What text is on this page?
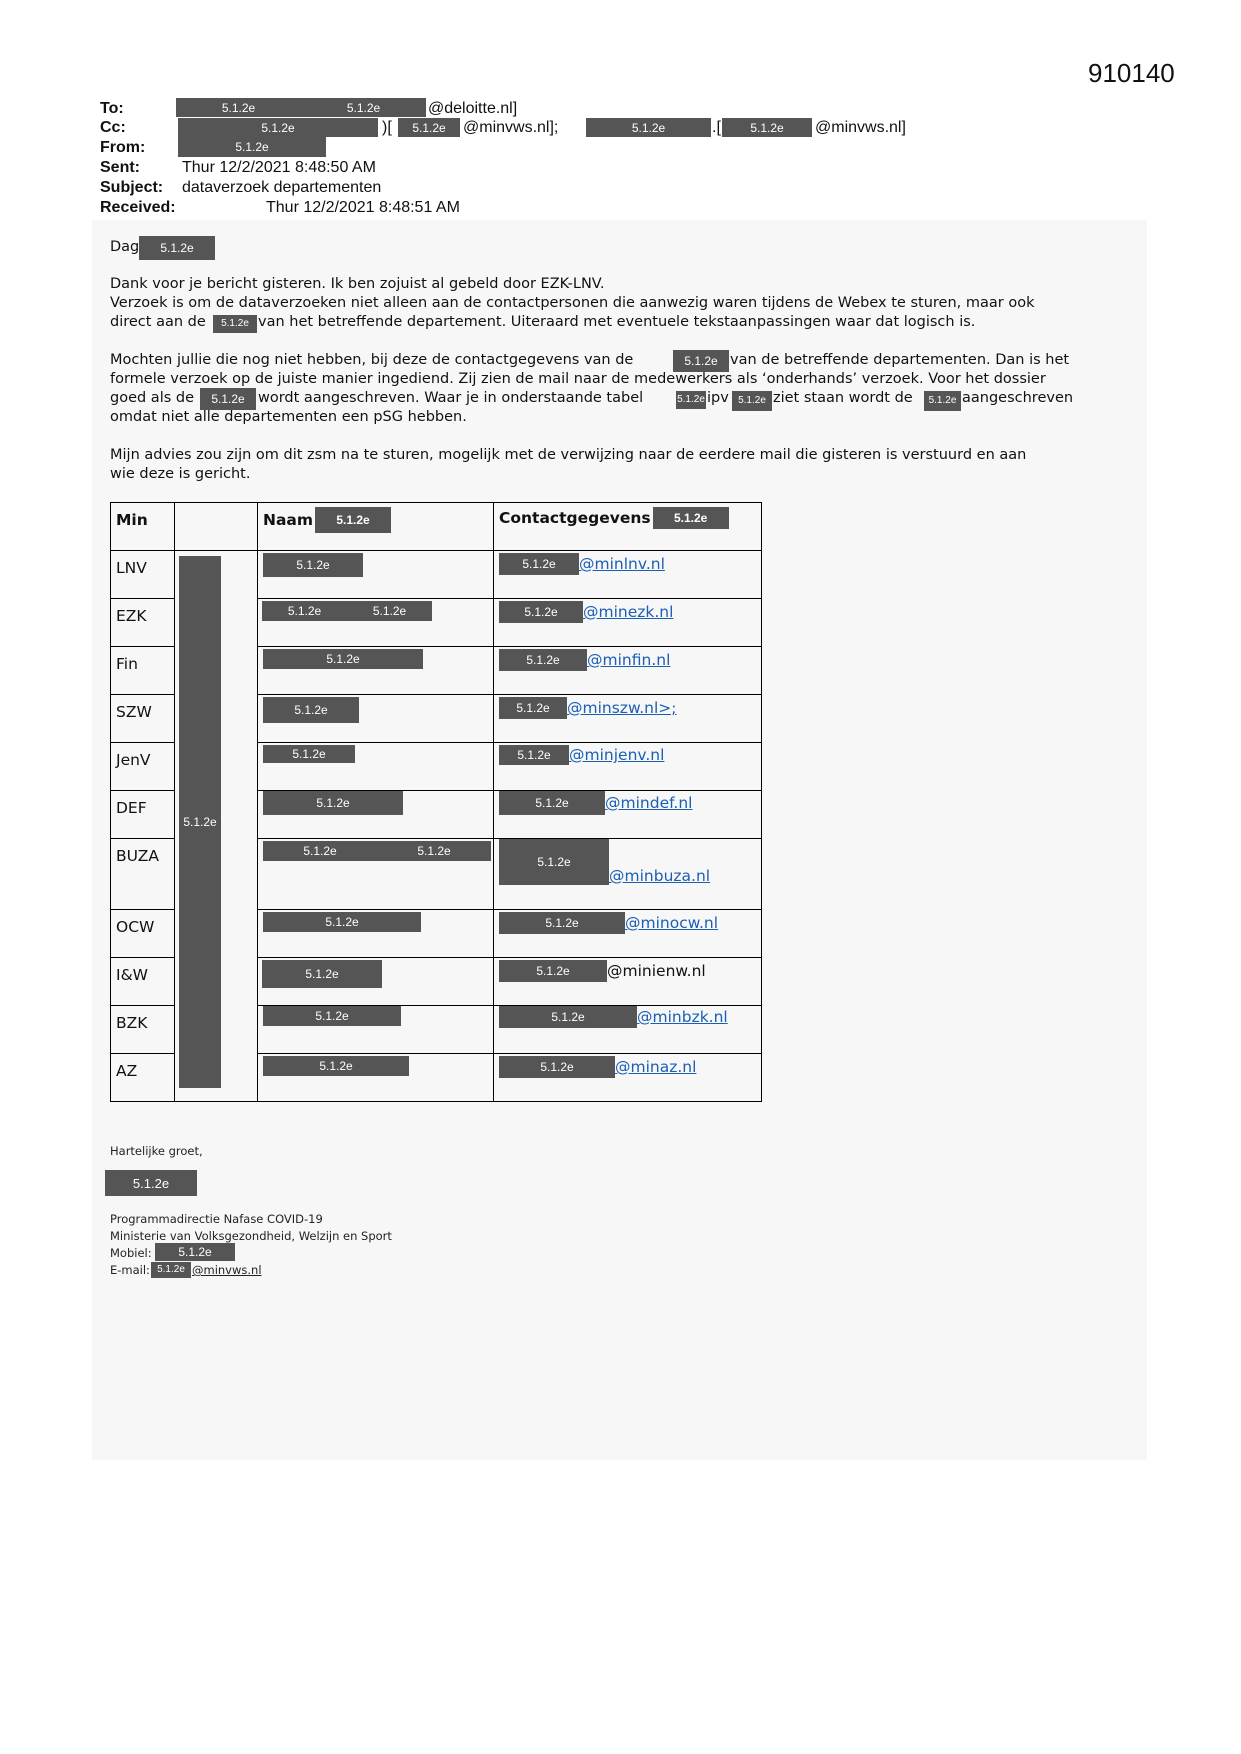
910140
To:	5.1.2e	5.1.2e	@deloitte.nl]
Cc:	5.1.2e	)[	5.1.2e	@minvws.nl];	5.1.2e	.[	5.1.2e	@minvws.nl]
From:	5.1.2e
Sent:	Thur 12/2/2021 8:48:50 AM
Subject: dataverzoek departementen
Received:	Thur 12/2/2021 8:48:51 AM
Dag	5.1.2e
Dank voor je bericht gisteren. Ik ben zojuist al gebeld door EZK-LNV.
Verzoek is om de dataverzoeken niet alleen aan de contactpersonen die aanwezig waren tijdens de Webex te sturen, maar ook
direct aan de	5.1.2e van het betreffende departement. Uiteraard met eventuele tekstaanpassingen waar dat logisch is.
Mochten jullie die nog niet hebben, bij deze de contactgegevens van de	5.1.2e van de betreffende departementen. Dan is het
formele verzoek op de juiste manier ingediend. Zij zien de mail naar de medewerkers als ‘onderhands’ verzoek. Voor het dossier
goed als de	5.1.2e wordt aangeschreven. Waar je in onderstaande tabel	5.1.2e ipv 5.1.2e ziet staan wordt de	5.1.2e aangeschreven
omdat niet alle departementen een pSG hebben.
Mijn advies zou zijn om dit zsm na te sturen, mogelijk met de verwijzing naar de eerdere mail die gisteren is verstuurd en aan
wie deze is gericht.
Min		Naam 5.1.2e	Contactgegevens 5.1.2e

LNV	5.1.2e	5.1.2e	5.1.2e @minlnv.nl

EZK		5.1.2e 5.1.2e	5.1.2e @minezk.nl

Fin		5.1.2e	5.1.2e @minfin.nl

SZW		5.1.2e	5.1.2e @minszw.nl>;

JenV		5.1.2e	5.1.2e @minjenv.nl

DEF		5.1.2e	5.1.2e @mindef.nl

BUZA		5.1.2e 5.1.2e	5.1.2e
@minbuza.nl

OCW		5.1.2e	5.1.2e @minocw.nl

I&W		5.1.2e	5.1.2e @minienw.nl

BZK		5.1.2e	5.1.2e @minbzk.nl

AZ		5.1.2e	5.1.2e @minaz.nl
Hartelijke groet,
5.1.2e
Programmadirectie Nafase COVID-19
Ministerie van Volksgezondheid, Welzijn en Sport
Mobiel:	5.1.2e
E-mail: 5.1.2e @minvws.nl
